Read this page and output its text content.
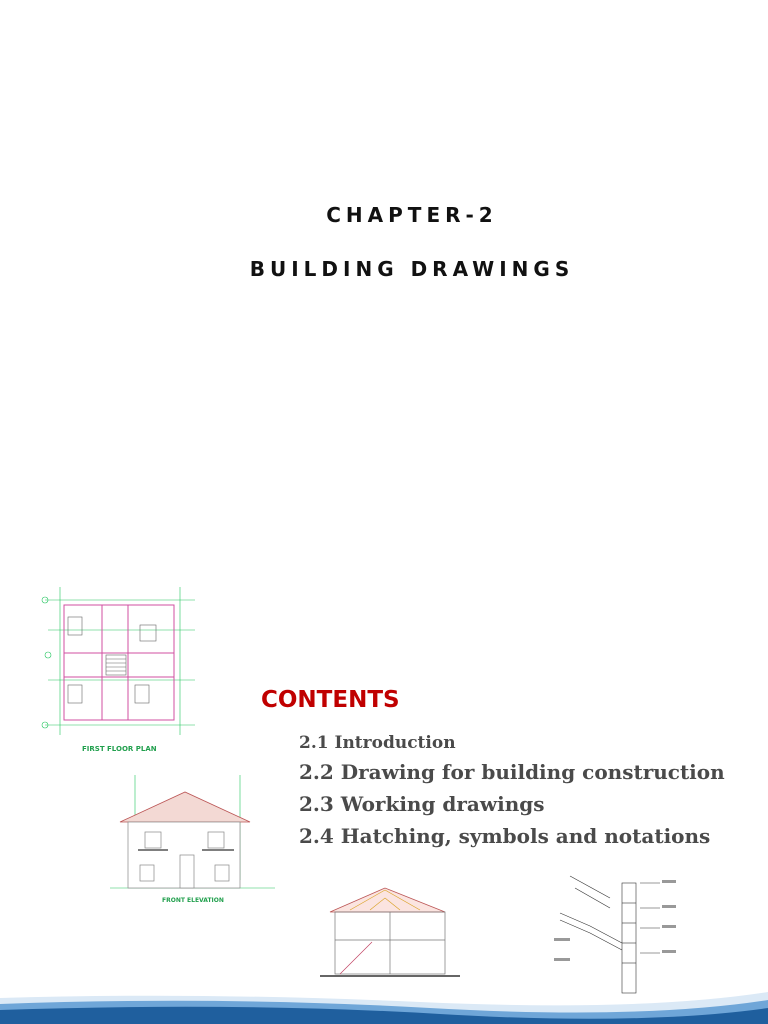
CHAPTER-2
BUILDING DRAWINGS
FIRST FLOOR PLAN
FRONT ELEVATION
CONTENTS
2.1 Introduction
2.2 Drawing for building construction
2.3 Working drawings
2.4 Hatching, symbols and notations
